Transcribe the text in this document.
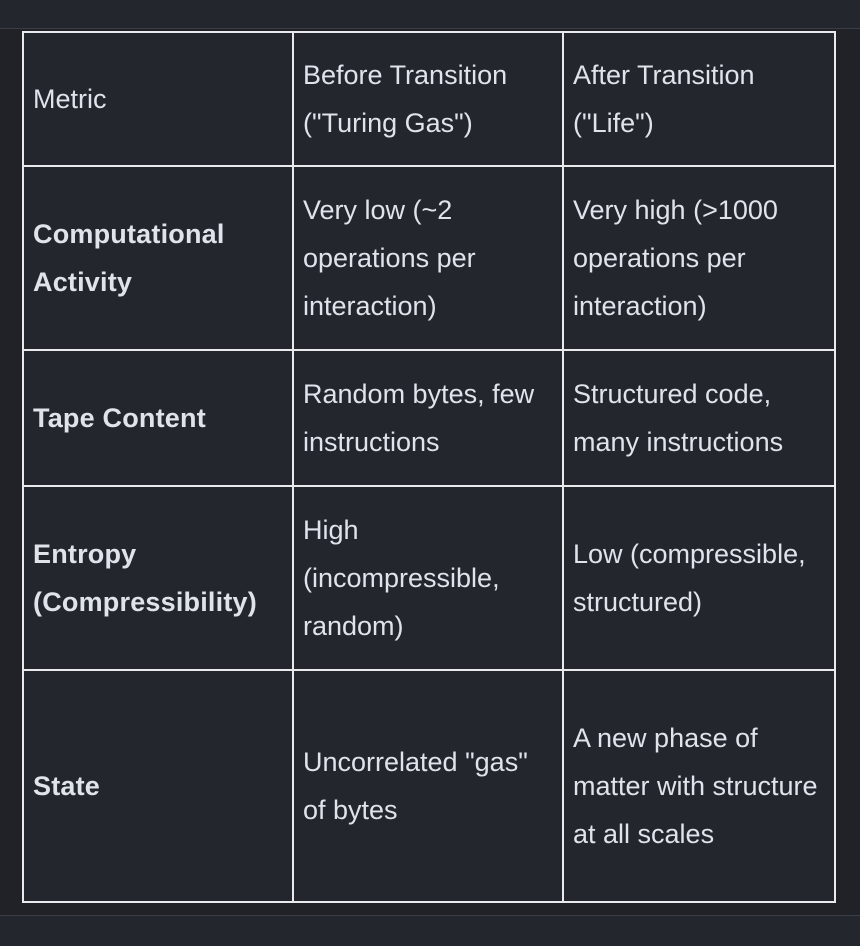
Metric	Before Transition ("Turing Gas")	After Transition ("Life")
Computational Activity	Very low (~2 operations per interaction)	Very high (>1000 operations per interaction)
Tape Content	Random bytes, few instructions	Structured code, many instructions
Entropy (Compressibility)	High (incompressible, random)	Low (compressible, structured)
State	Uncorrelated "gas" of bytes	A new phase of matter with structure at all scales
